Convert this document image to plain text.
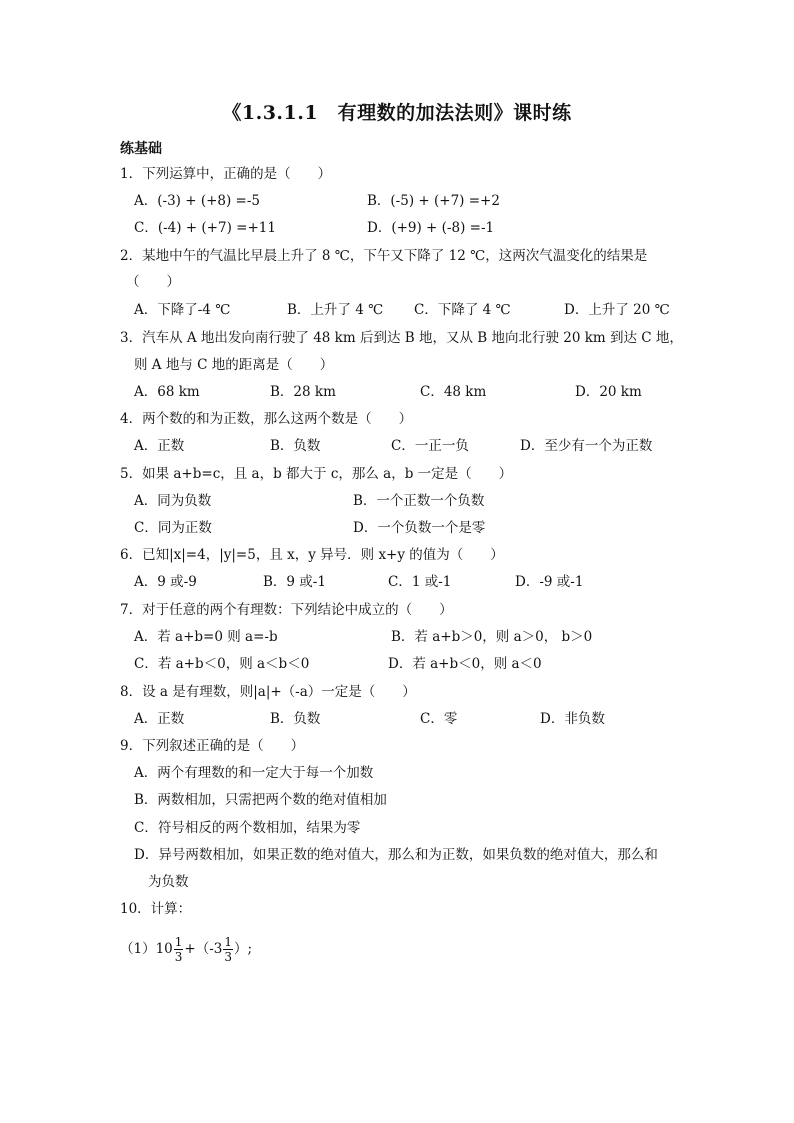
《1.3.1.1　有理数的加法法则》课时练
练基础
1．下列运算中，正确的是（　　）
A．(-3) + (+8) =-5	B．(-5) + (+7) =+2
C．(-4) + (+7) =+11	D．(+9) + (-8) =-1
2．某地中午的气温比早晨上升了 8 ℃，下午又下降了 12 ℃，这两次气温变化的结果是
（　　）
A．下降了-4 ℃	B．上升了 4 ℃ C．下降了 4 ℃	D．上升了 20 ℃
3．汽车从 A 地出发向南行驶了 48 km 后到达 B 地，又从 B 地向北行驶 20 km 到达 C 地，
则 A 地与 C 地的距离是（　　）
A．68 km	B．28 km	C．48 km	D．20 km
4．两个数的和为正数，那么这两个数是（　　）
A．正数	B．负数	C．一正一负	D．至少有一个为正数
5．如果 a+b=c，且 a，b 都大于 c，那么 a，b 一定是（　　）
A．同为负数	B．一个正数一个负数
C．同为正数	D．一个负数一个是零
6．已知|x|=4，|y|=5，且 x，y 异号．则 x+y 的值为（　　）
A．9 或-9	B．9 或-1	C．1 或-1	D．-9 或-1
7．对于任意的两个有理数：下列结论中成立的（　　）
A．若 a+b=0 则 a=-b	B．若 a+b＞0，则 a＞0， b＞0
C．若 a+b＜0，则 a＜b＜0	D．若 a+b＜0，则 a＜0
8．设 a 是有理数，则|a|+（-a）一定是（　　）
A．正数	B．负数	C．零	D．非负数
9．下列叙述正确的是（　　）
A．两个有理数的和一定大于每一个加数
B．两数相加，只需把两个数的绝对值相加
C．符号相反的两个数相加，结果为零
D．异号两数相加，如果正数的绝对值大，那么和为正数，如果负数的绝对值大，那么和
为负数
10．计算：
$(1)10 \frac{1}{3} +(-3 \frac{1}{3}$ ）;
